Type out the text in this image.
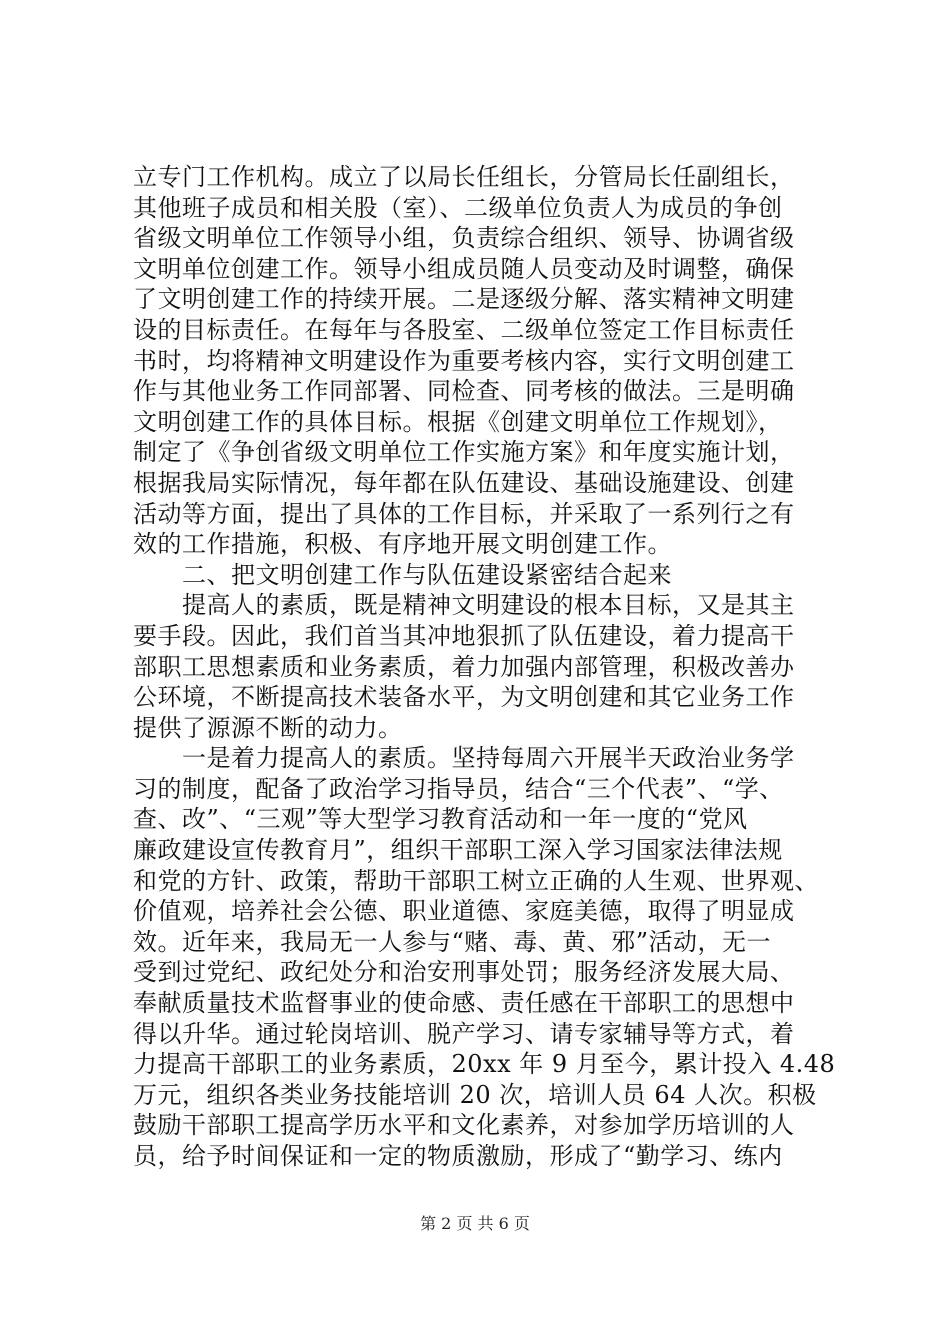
立专门工作机构。成立了以局长任组长，分管局长任副组长，
其他班子成员和相关股（室）、二级单位负责人为成员的争创
省级文明单位工作领导小组，负责综合组织、领导、协调省级
文明单位创建工作。领导小组成员随人员变动及时调整，确保
了文明创建工作的持续开展。二是逐级分解、落实精神文明建
设的目标责任。在每年与各股室、二级单位签定工作目标责任
书时，均将精神文明建设作为重要考核内容，实行文明创建工
作与其他业务工作同部署、同检查、同考核的做法。三是明确
文明创建工作的具体目标。根据《创建文明单位工作规划》，
制定了《争创省级文明单位工作实施方案》和年度实施计划，
根据我局实际情况，每年都在队伍建设、基础设施建设、创建
活动等方面，提出了具体的工作目标，并采取了一系列行之有
效的工作措施，积极、有序地开展文明创建工作。
　　二、把文明创建工作与队伍建设紧密结合起来
　　提高人的素质，既是精神文明建设的根本目标，又是其主
要手段。因此，我们首当其冲地狠抓了队伍建设，着力提高干
部职工思想素质和业务素质，着力加强内部管理，积极改善办
公环境，不断提高技术装备水平，为文明创建和其它业务工作
提供了源源不断的动力。
　　一是着力提高人的素质。坚持每周六开展半天政治业务学
习的制度，配备了政治学习指导员，结合“三个代表”、“学、
查、改”、“三观”等大型学习教育活动和一年一度的“党风
廉政建设宣传教育月”，组织干部职工深入学习国家法律法规
和党的方针、政策，帮助干部职工树立正确的人生观、世界观、
价值观，培养社会公德、职业道德、家庭美德，取得了明显成
效。近年来，我局无一人参与“赌、毒、黄、邪”活动，无一
受到过党纪、政纪处分和治安刑事处罚；服务经济发展大局、
奉献质量技术监督事业的使命感、责任感在干部职工的思想中
得以升华。通过轮岗培训、脱产学习、请专家辅导等方式，着
力提高干部职工的业务素质，20xx 年 9 月至今，累计投入 4.48
万元，组织各类业务技能培训 20 次，培训人员 64 人次。积极
鼓励干部职工提高学历水平和文化素养，对参加学历培训的人
员，给予时间保证和一定的物质激励，形成了“勤学习、练内
第 2 页 共 6 页
